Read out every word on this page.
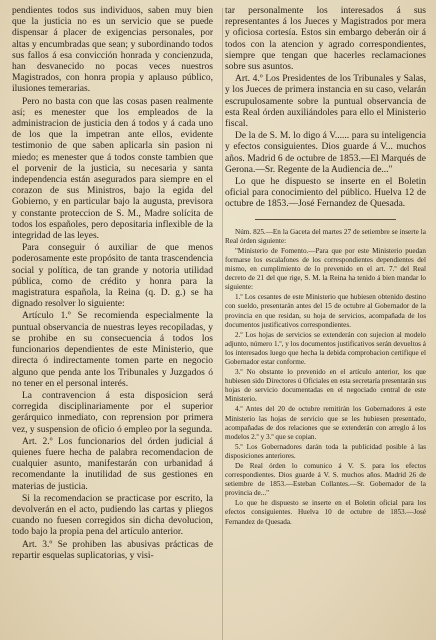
pendientes todos sus individuos, saben muy bien que la justicia no es un servicio que se puede dispensar á placer de exigencias personales, por altas y encumbradas que sean; y subordinando todos sus fallos á esa convicción honrada y concienzuda, han desvanecido no pocas veces nuestros Magistrados, con honra propia y aplauso público, ilusiones temerarias.

Pero no basta con que las cosas pasen realmente así; es menester que los empleados de la administracion de justicia den á todos y á cada uno de los que la impetran ante ellos, evidente testimonio de que saben aplicarla sin pasion ni miedo; es menester que á todos conste tambien que el porvenir de la justicia, su necesaria y santa independencia están asegurados para siempre en el corazon de sus Ministros, bajo la egida del Gobierno, y en particular bajo la augusta, previsora y constante proteccion de S. M., Madre solícita de todos los españoles, pero depositaria inflexible de la integridad de las leyes.

Para conseguir ó auxiliar de que menos poderosamente este propósito de tanta trascendencia social y política, de tan grande y notoria utilidad pública, como de crédito y honra para la magistratura española, la Reina (q. D. g.) se ha dignado resolver lo siguiente:

Artículo 1.º Se recomienda especialmente la puntual observancia de nuestras leyes recopiladas, y se prohibe en su consecuencia á todos los funcionarios dependientes de este Ministerio, que directa ó indirectamente tomen parte en negocio alguno que penda ante los Tribunales y Juzgados ó no tener en el personal interés.

La contravencion á esta disposicion será corregida disciplinariamente por el superior gerárquico inmediato, con reprension por primera vez, y suspension de oficio ó empleo por la segunda.

Art. 2.º Los funcionarios del órden judicial á quienes fuere hecha de palabra recomendacion de cualquier asunto, manifestarán con urbanidad á recomendante la inutilidad de sus gestiones en materias de justicia.

Si la recomendacion se practicase por escrito, la devolverán en el acto, pudiendo las cartas y pliegos cuando no fuesen corregidos sin dicha devolucion, todo bajo la propia pena del artículo anterior.

Art. 3.º Se prohiben las abusivas prácticas de repartir esquelas suplicatorias, y visi-

tar personalmente los interesados á sus representantes á los Jueces y Magistrados por mera y oficiosa cortesía. Estos sin embargo deberán oir á todos con la atencion y agrado correspondientes, siempre que tengan que hacerles reclamaciones sobre sus asuntos.

Art. 4.º Los Presidentes de los Tribunales y Salas, y los Jueces de primera instancia en su caso, velarán escrupulosamente sobre la puntual observancia de esta Real órden auxiliándoles para ello el Ministerio fiscal.

De la de S. M. lo digo á V...... para su inteligencia y efectos consiguientes. Dios guarde á V... muchos años. Madrid 6 de octubre de 1853.—El Marqués de Gerona.—Sr. Regente de la Audiencia de..."

Lo que he dispuesto se inserte en el Boletin oficial para conocimiento del público. Huelva 12 de octubre de 1853.—José Fernandez de Quesada.

Núm. 825.—En la Gaceta del martes 27 de setiembre se inserte la Real órden siguiente:

"Ministerio de Fomento.—Para que por este Ministerio puedan formarse los escalafones de los correspondientes dependientes del mismo, en cumplimiento de lo prevenido en el art. 7.º del Real decreto de 21 del que rige, S. M. la Reina ha tenido á bien mandar lo siguiente:

1.º Los cesantes de este Ministerio que hubiesen obtenido destino con sueldo, presentarán antes del 15 de octubre al Gobernador de la provincia en que residan, su hoja de servicios, acompañada de los documentos justificativos correspondientes.

2.º Los hojas de servicios se extenderán con sujecion al modelo adjunto, número 1.º, y los documentos justificativos serán devueltos á los interesados luego que hecha la debida comprobacion certifique el Gobernador estar conforme.

3.º No obstante lo prevenido en el artículo anterior, los que hubiesen sido Directores ú Oficiales en esta secretaría presentarán sus hojas de servicio documentadas en el negociado central de este Ministerio.

4.º Antes del 20 de octubre remitirán los Gobernadores á este Ministerio las hojas de servicio que se les hubiesen presentado, acompañadas de dos relaciones que se extenderán con arreglo á los modelos 2.º y 3.º que se copian.

5.º Los Gobernadores darán toda la publicidad posible á las disposiciones anteriores.

De Real órden lo comunico á V. S. para los efectos correspondientes. Dios guarde á V. S. muchos años. Madrid 26 de setiembre de 1853.—Esteban Collantes.—Sr. Gobernador de la provincia de..."

Lo que he dispuesto se inserte en el Boletin oficial para los efectos consiguientes. Huelva 10 de octubre de 1853.—José Fernandez de Quesada.
